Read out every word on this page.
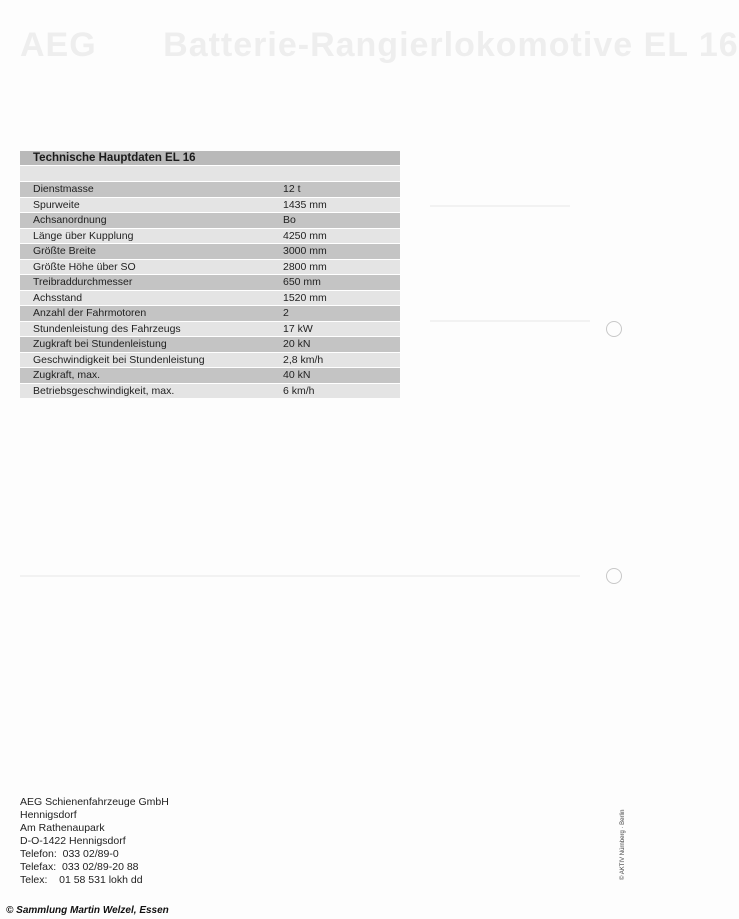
AEG Batterie-Rangierlokomotive EL 16
Technische Hauptdaten EL 16
Dienstmasse	12 t
Spurweite	1435 mm
Achsanordnung	Bo
Länge über Kupplung	4250 mm
Größte Breite	3000 mm
Größte Höhe über SO	2800 mm
Treibraddurchmesser	650 mm
Achsstand	1520 mm
Anzahl der Fahrmotoren	2
Stundenleistung des Fahrzeugs	17 kW
Zugkraft bei Stundenleistung	20 kN
Geschwindigkeit bei Stundenleistung	2,8 km/h
Zugkraft, max.	40 kN
Betriebsgeschwindigkeit, max.	6 km/h
AEG Schienenfahrzeuge GmbH
Hennigsdorf
Am Rathenaupark
D-O-1422 Hennigsdorf
Telefon:  033 02/89-0
Telefax:  033 02/89-20 88
Telex:    01 58 531 lokh dd	© AKTIV Nürnberg · Berlin
© Sammlung Martin Welzel, Essen
